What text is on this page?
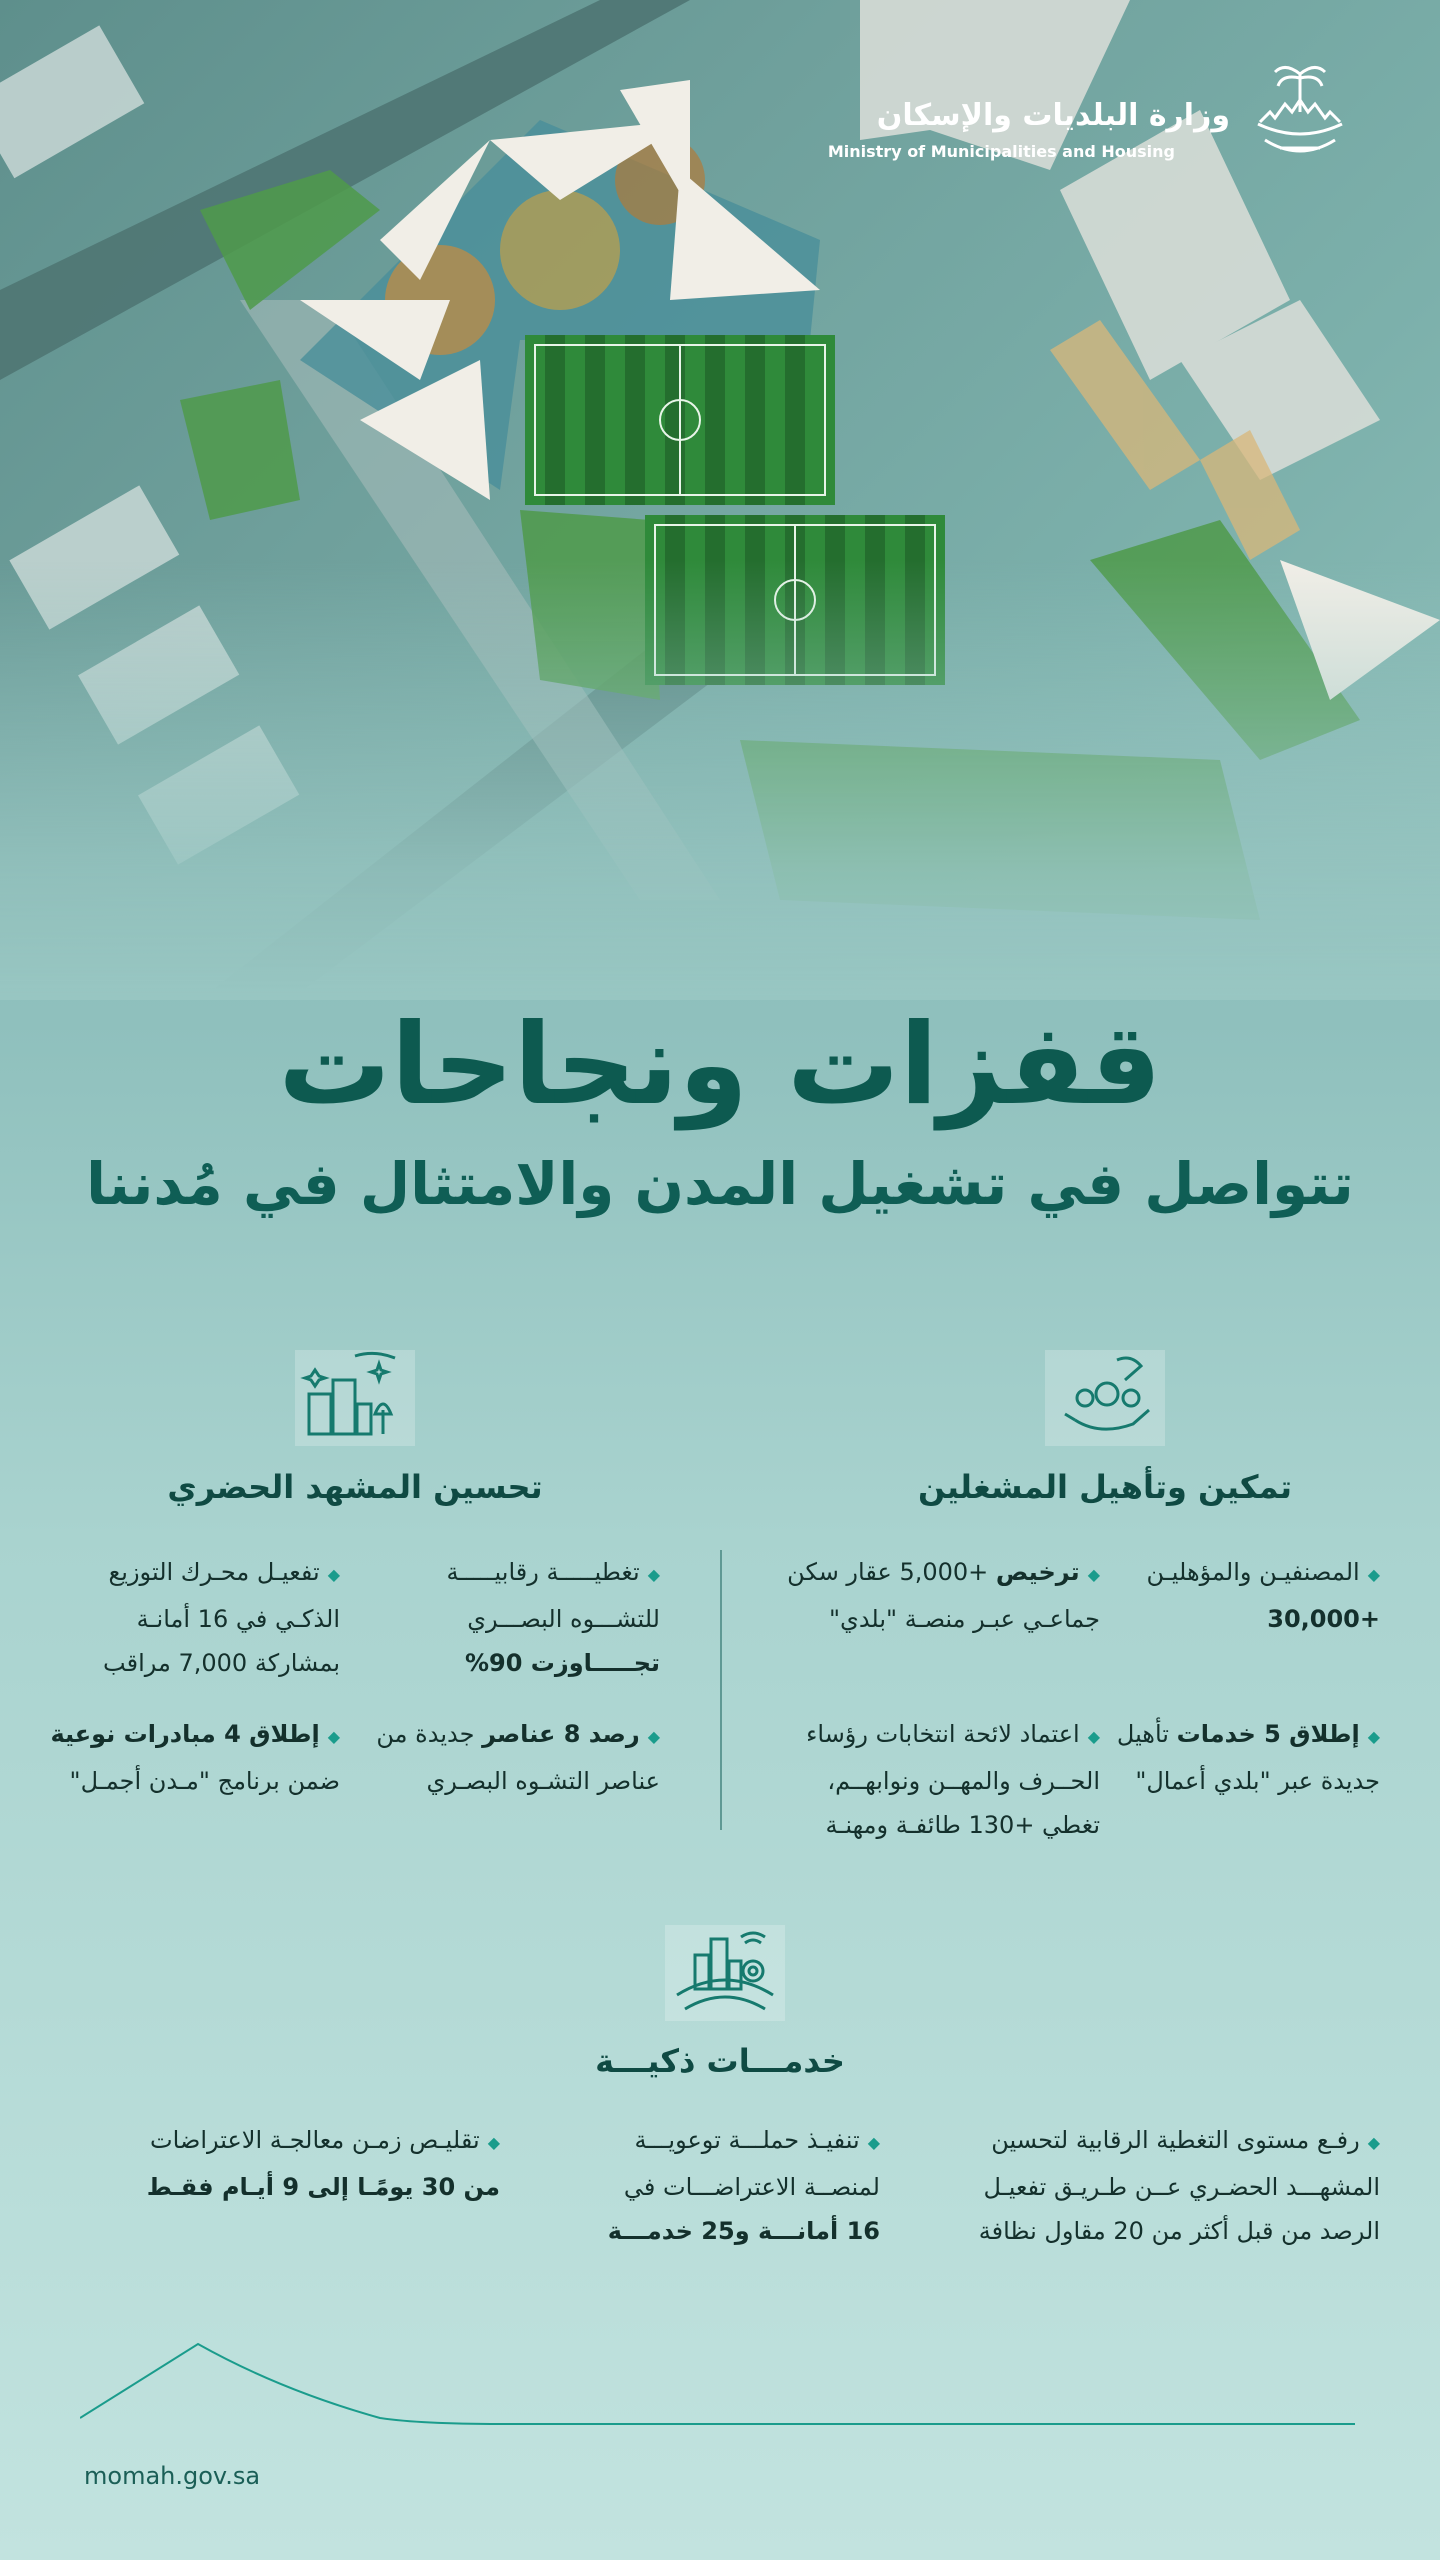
وزارة البلديات والإسكان
Ministry of Municipalities and Housing
قفزات ونجاحات
تتواصل في تشغيل المدن والامتثال في مُدننا
تمكين وتأهيل المشغلين
◆المصنفيـن والمؤهليـن
+30,000
◆ترخيص +5,000 عقار سكن
جماعـي عبـر منصـة "بلدي"
◆إطلاق 5 خدمات تأهيل
جديدة عبر "بلدي أعمال"
◆اعتماد لائحة انتخابات رؤساء
الحــرف والمهــن ونوابهــم،
تغطي +130 طائفـة ومهنـة
تحسين المشهد الحضري
◆تغطيـــــة رقابيـــــة
للتشـــوه البصـــري
تجـــــاوزت 90%
◆تفعيـل محـرك التوزيع
الذكـي في 16 أمانـة
بمشاركة 7,000 مراقب
◆رصد 8 عناصر جديدة من
عناصر التشـوه البصـري
◆إطلاق 4 مبادرات نوعية
ضمن برنامج "مـدن أجمـل"
خدمـــات ذكيـــة
◆رفـع مستوى التغطية الرقابية لتحسين
المشهـــد الحضـري عــن طـريـق تفعيـل
الرصد من قبل أكثر من 20 مقاول نظافة
◆تنفيـذ حملـــة توعويـــة
لمنصــة الاعتراضـــات في
16 أمانـــة و25 خدمـــة
◆تقليـص زمـن معالجـة الاعتراضات
من 30 يومًـا إلى 9 أيـام فقـط
momah.gov.sa
